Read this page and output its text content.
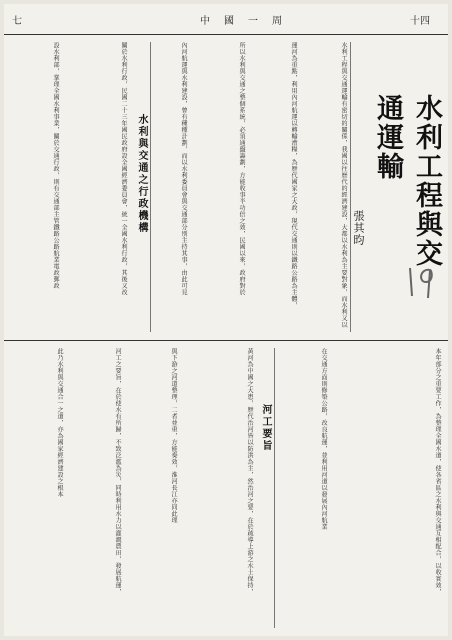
十四
中國一周
七
水利工程與交通運輸
張其昀
水利工程與交通運輸有密切的關係，我國以往歷代的經濟建設，大都以水利為主要對象，而水利又以
運河為重點，利用內河航運以轉輸漕糧，為歷代國家之大政，現代交通則以鐵路公路為主體，
所以水利與交通之整個系統，必須通盤籌劃，方能收事半功倍之效，民國以來，政府對於
內河航運與水利建設，曾有種種計劃，而以水利委員會與交通部分別主持其事，由此可見
水利與交通之行政機構
關於水利行政，民國二十三年國民政府設全國經濟委員會，統一全國水利行政，其後又改
設水利部，掌理全國水利事業，關於交通行政，則有交通部主管鐵路公路航業電政郵政
本年部分之重要工作，為整理全國水道，使各省區之水利與交通互相配合，以收實效，
在交通方面則修築公路，改良航運，並利用河道以發展內河航業
河工要旨
黃河為中國之大患，歷代治河皆以防洪為主，然治河之要，在於疏導上游之水土保持，
與下游之河道整理，二者並重，方能奏效，淮河長江亦同此理
河工之要旨，在於使水有所歸，不致泛濫為災，同時利用水力以灌溉農田，發展航運，
此乃水利與交通合一之道，亦為國家經濟建設之根本
